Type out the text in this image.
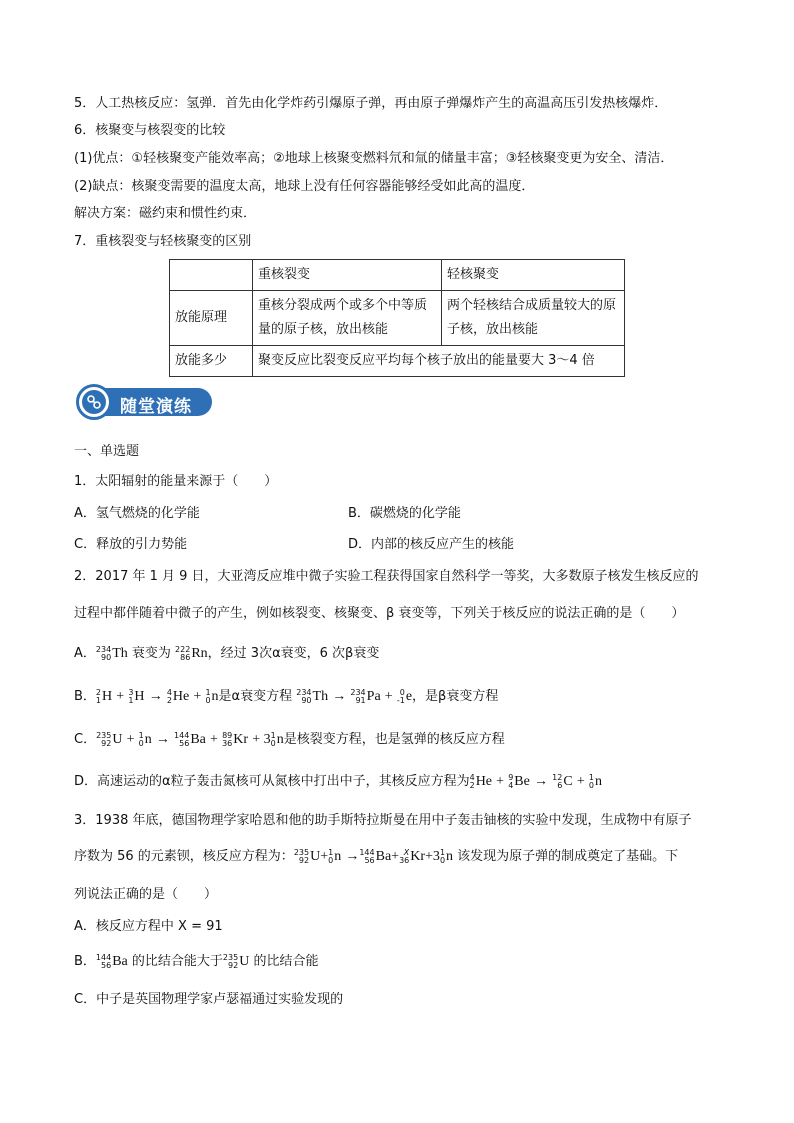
5．人工热核反应：氢弹．首先由化学炸药引爆原子弹，再由原子弹爆炸产生的高温高压引发热核爆炸．
6．核聚变与核裂变的比较
(1)优点：①轻核聚变产能效率高；②地球上核聚变燃料氘和氚的储量丰富；③轻核聚变更为安全、清洁．
(2)缺点：核聚变需要的温度太高，地球上没有任何容器能够经受如此高的温度．
解决方案：磁约束和惯性约束．
7．重核裂变与轻核聚变的区别
	重核裂变	轻核聚变
放能原理	重核分裂成两个或多个中等质量的原子核，放出核能	两个轻核结合成质量较大的原子核，放出核能
放能多少	聚变反应比裂变反应平均每个核子放出的能量要大 3～4 倍	
随堂演练
一、单选题
1．太阳辐射的能量来源于（　　）
A．氢气燃烧的化学能	B．碳燃烧的化学能
C．释放的引力势能	D．内部的核反应产生的核能
2．2017 年 1 月 9 日，大亚湾反应堆中微子实验工程获得国家自然科学一等奖，大多数原子核发生核反应的
过程中都伴随着中微子的产生，例如核裂变、核聚变、β 衰变等，下列关于核反应的说法正确的是（　　）
A． 234
90 Th 衰变为 222
86 Rn，经过 3次α衰变，6 次β衰变
B． 2
1 H + 3
1 H → 4
2 He + 1
0 n是α衰变方程 234
90 Th → 234
91 Pa + 0
-1 e，是β衰变方程
C． 235
92 U + 1
0 n → 144
56 Ba + 89
36 Kr + 3 1
0 n是核裂变方程，也是氢弹的核反应方程
D．高速运动的α粒子轰击氮核可从氮核中打出中子，其核反应方程为 4
2 He + 9
4 Be → 12
6 C + 1
0 n
3．1938 年底，德国物理学家哈恩和他的助手斯特拉斯曼在用中子轰击铀核的实验中发现，生成物中有原子
序数为 56 的元素钡，核反应方程为： 235
92 U+ 1
0 n → 144
56 Ba+ X
36 Kr+3 1
0 n 该发现为原子弹的制成奠定了基础。下
列说法正确的是（　　）
A．核反应方程中 X = 91
B． 144
56 Ba 的比结合能大于 235
92 U 的比结合能
C．中子是英国物理学家卢瑟福通过实验发现的
